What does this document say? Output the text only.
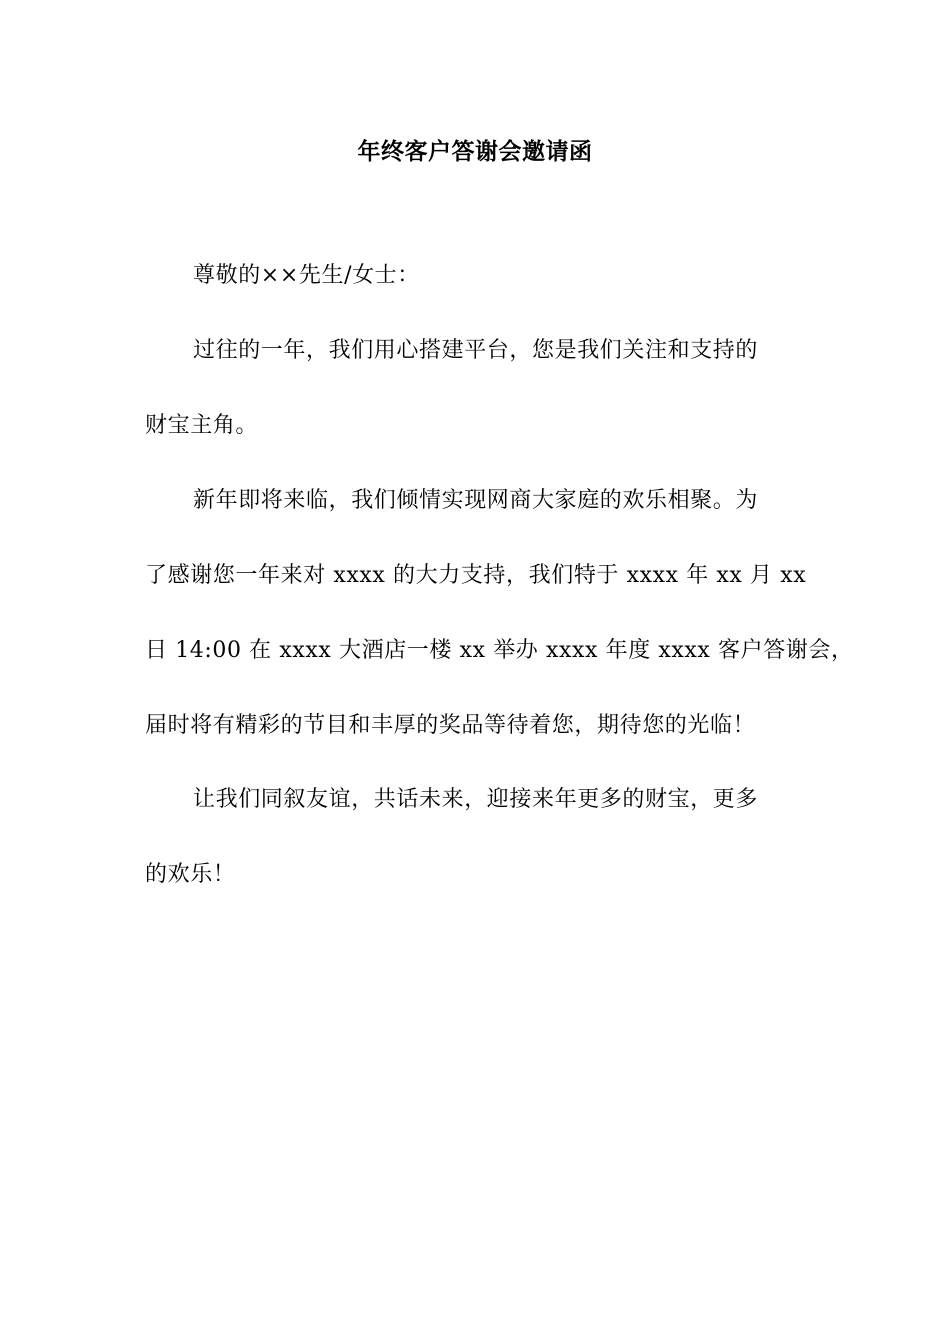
年终客户答谢会邀请函
尊敬的××先生/女士：
过往的一年，我们用心搭建平台，您是我们关注和支持的
财宝主角。
新年即将来临，我们倾情实现网商大家庭的欢乐相聚。为
了感谢您一年来对 xxxx 的大力支持，我们特于 xxxx 年 xx 月 xx
日 14:00 在 xxxx 大酒店一楼 xx 举办 xxxx 年度 xxxx 客户答谢会，
届时将有精彩的节目和丰厚的奖品等待着您，期待您的光临！
让我们同叙友谊，共话未来，迎接来年更多的财宝，更多
的欢乐！
